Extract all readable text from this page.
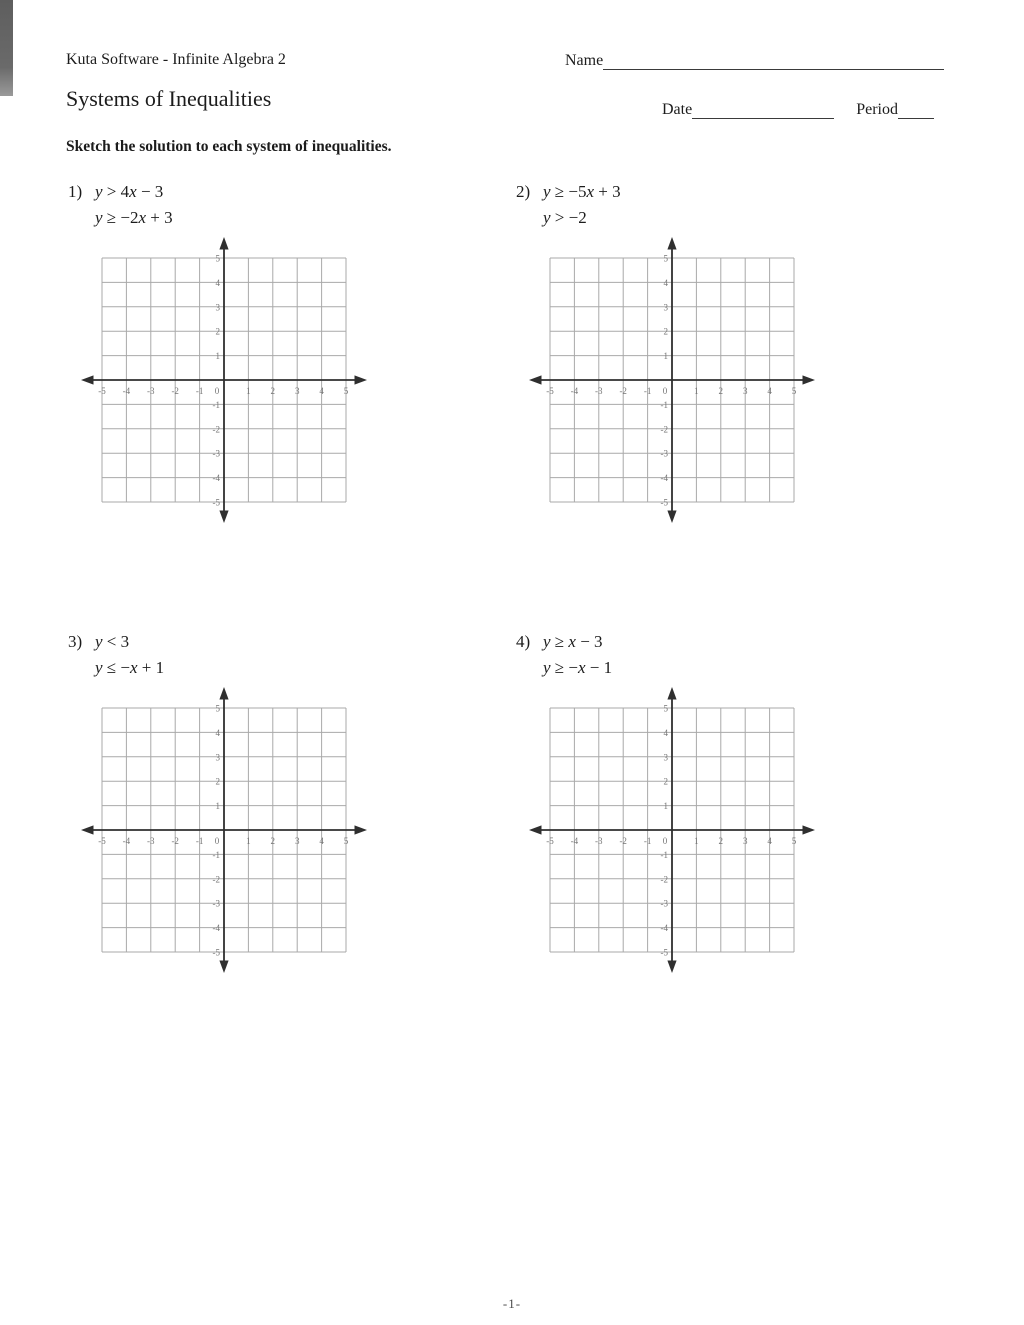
Kuta Software - Infinite Algebra 2	Name
Systems of Inequalities	Date	Period
Sketch the solution to each system of inequalities.
1) y > 4x − 3
y ≥ −2x + 3
-5 -4 -3 -2 -1 0	1 2 3 4 5
5
4
3
2
1
-1
-2
-3
-4
-5
2) y ≥ −5x + 3
y > −2
-5 -4 -3 -2 -1 0	1 2 3 4 5
5
4
3
2
1
-1
-2
-3
-4
-5
3) y < 3
y ≤ −x + 1
-5 -4 -3 -2 -1 0	1 2 3 4 5
5
4
3
2
1
-1
-2
-3
-4
-5
4) y ≥ x − 3
y ≥ −x − 1
-5 -4 -3 -2 -1 0	1 2 3 4 5
5
4
3
2
1
-1
-2
-3
-4
-5
-1-
